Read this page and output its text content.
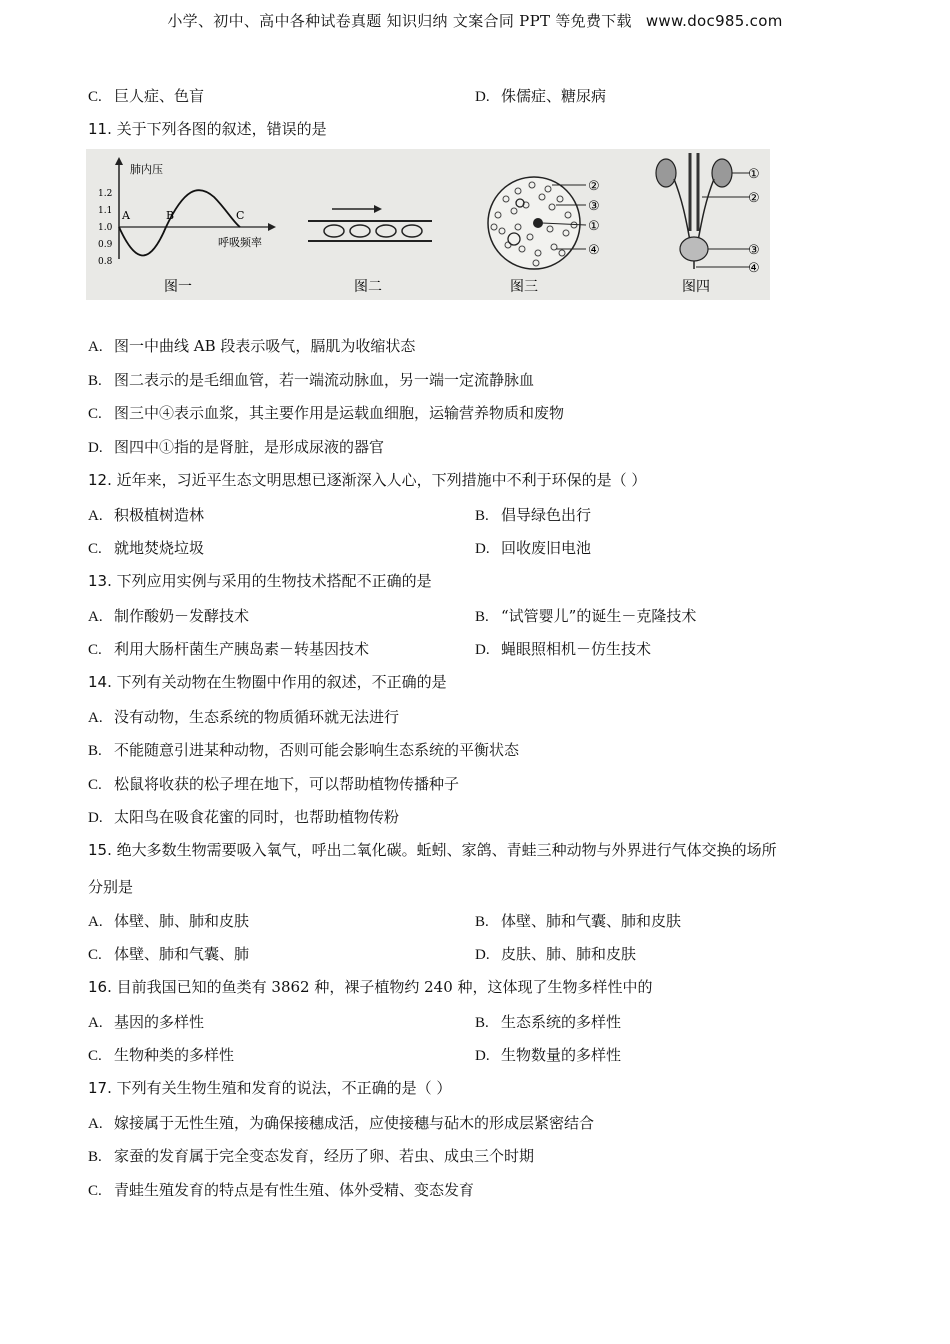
小学、初中、高中各种试卷真题 知识归纳 文案合同 PPT 等免费下载 www.doc985.com
C. 巨人症、色盲	D. 侏儒症、糖尿病
11. 关于下列各图的叙述，错误的是
肺内压
1.2
1.1
1.0
0.9
0.8
A	B	C
呼吸频率
图一	图二
②
③
①
④
图三
①
②
③
④
图四
A. 图一中曲线 AB 段表示吸气，膈肌为收缩状态
B. 图二表示的是毛细血管，若一端流动脉血，另一端一定流静脉血
C. 图三中④表示血浆，其主要作用是运载血细胞，运输营养物质和废物
D. 图四中①指的是肾脏，是形成尿液的器官
12. 近年来，习近平生态文明思想已逐渐深入人心，下列措施中不利于环保的是（ ）
A. 积极植树造林	B. 倡导绿色出行
C. 就地焚烧垃圾	D. 回收废旧电池
13. 下列应用实例与采用的生物技术搭配不正确的是
A. 制作酸奶－发酵技术	B. “试管婴儿”的诞生－克隆技术
C. 利用大肠杆菌生产胰岛素－转基因技术	D. 蝇眼照相机－仿生技术
14. 下列有关动物在生物圈中作用的叙述，不正确的是
A. 没有动物，生态系统的物质循环就无法进行
B. 不能随意引进某种动物，否则可能会影响生态系统的平衡状态
C. 松鼠将收获的松子埋在地下，可以帮助植物传播种子
D. 太阳鸟在吸食花蜜的同时，也帮助植物传粉
15. 绝大多数生物需要吸入氧气，呼出二氧化碳。蚯蚓、家鸽、青蛙三种动物与外界进行气体交换的场所
分别是
A. 体壁、肺、肺和皮肤	B. 体壁、肺和气囊、肺和皮肤
C. 体壁、肺和气囊、肺	D. 皮肤、肺、肺和皮肤
16. 目前我国已知的鱼类有 3862 种，裸子植物约 240 种，这体现了生物多样性中的
A. 基因的多样性	B. 生态系统的多样性
C. 生物种类的多样性	D. 生物数量的多样性
17. 下列有关生物生殖和发育的说法，不正确的是（ ）
A. 嫁接属于无性生殖，为确保接穗成活，应使接穗与砧木的形成层紧密结合
B. 家蚕的发育属于完全变态发育，经历了卵、若虫、成虫三个时期
C. 青蛙生殖发育的特点是有性生殖、体外受精、变态发育
